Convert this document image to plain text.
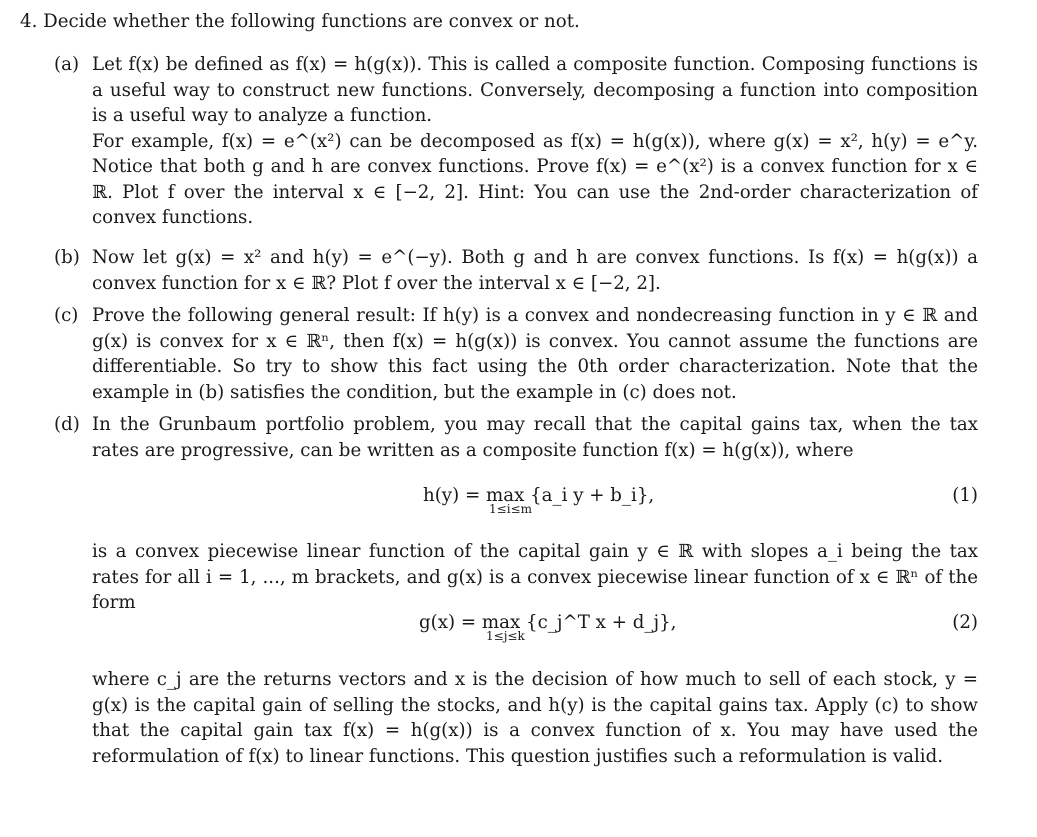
4. Decide whether the following functions are convex or not.
(a) Let f(x) be defined as f(x) = h(g(x)). This is called a composite function. Composing functions is a useful way to construct new functions. Conversely, decomposing a function into composition is a useful way to analyze a function.

For example, f(x) = e^(x²) can be decomposed as f(x) = h(g(x)), where g(x) = x², h(y) = e^y. Notice that both g and h are convex functions. Prove f(x) = e^(x²) is a convex function for x ∈ ℝ. Plot f over the interval x ∈ [−2, 2]. Hint: You can use the 2nd-order characterization of convex functions.

(b) Now let g(x) = x² and h(y) = e^(−y). Both g and h are convex functions. Is f(x) = h(g(x)) a convex function for x ∈ ℝ? Plot f over the interval x ∈ [−2, 2].

(c) Prove the following general result: If h(y) is a convex and nondecreasing function in y ∈ ℝ and g(x) is convex for x ∈ ℝⁿ, then f(x) = h(g(x)) is convex. You cannot assume the functions are differentiable. So try to show this fact using the 0th order characterization. Note that the example in (b) satisfies the condition, but the example in (c) does not.

(d) In the Grunbaum portfolio problem, you may recall that the capital gains tax, when the tax rates are progressive, can be written as a composite function f(x) = h(g(x)), where

h(y) = max {a_i y + b_i},
1≤i≤m
(1)

is a convex piecewise linear function of the capital gain y ∈ ℝ with slopes a_i being the tax rates for all i = 1, ..., m brackets, and g(x) is a convex piecewise linear function of x ∈ ℝⁿ of the form

g(x) = max {c_j^T x + d_j},
1≤j≤k
(2)

where c_j are the returns vectors and x is the decision of how much to sell of each stock, y = g(x) is the capital gain of selling the stocks, and h(y) is the capital gains tax. Apply (c) to show that the capital gain tax f(x) = h(g(x)) is a convex function of x. You may have used the reformulation of f(x) to linear functions. This question justifies such a reformulation is valid.
